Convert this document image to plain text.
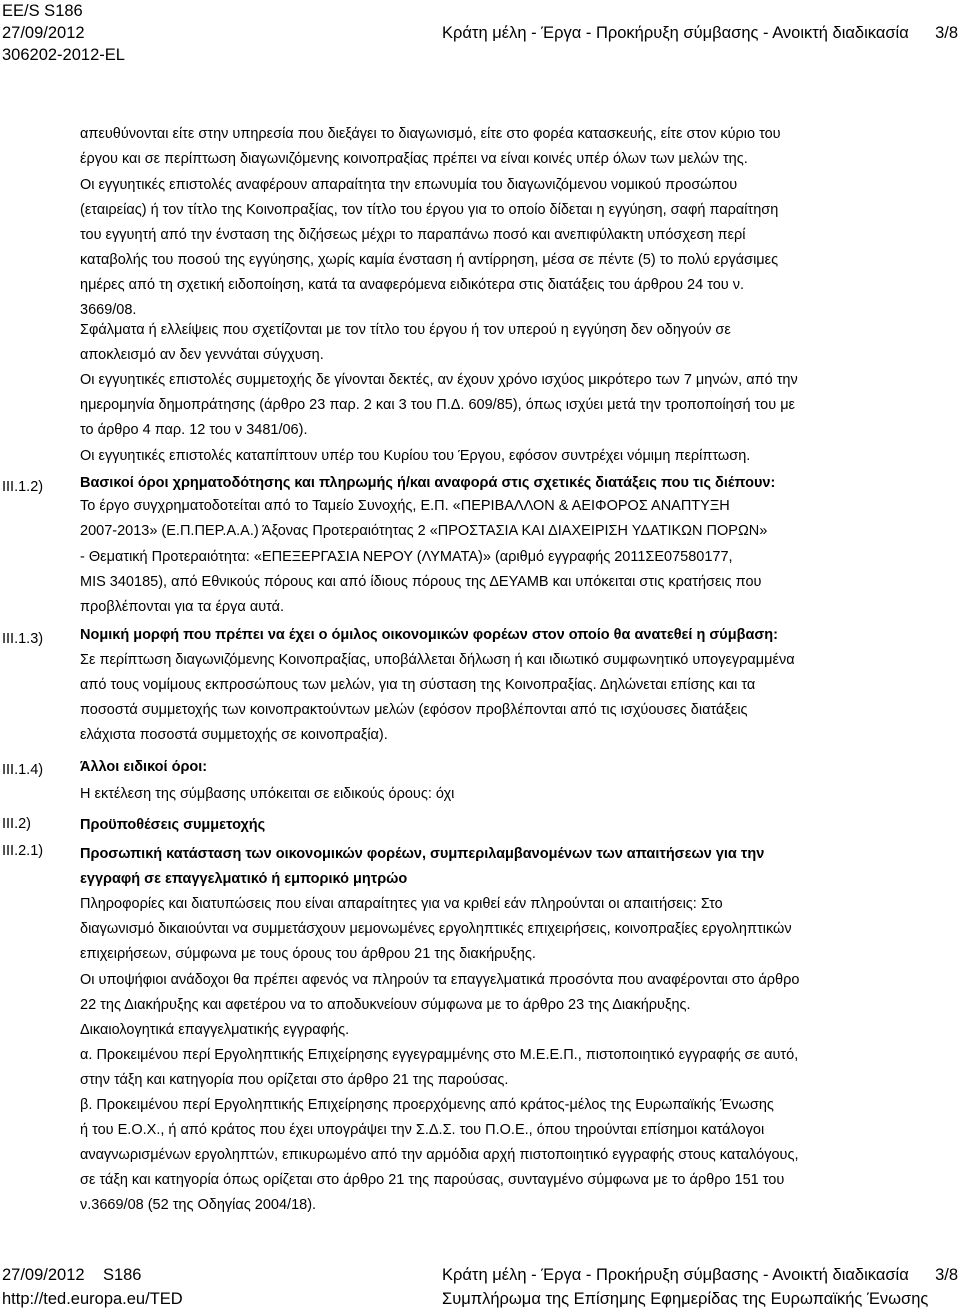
EE/S S186
27/09/2012
306202-2012-EL
Κράτη μέλη - Έργα - Προκήρυξη σύμβασης - Ανοικτή διαδικασία 3/8
III.1.2)
III.1.3)
III.1.4)
III.2)
III.2.1)
απευθύνονται είτε στην υπηρεσία που διεξάγει το διαγωνισμό, είτε στο φορέα κατασκευής, είτε στον κύριο του
έργου και σε περίπτωση διαγωνιζόμενης κοινοπραξίας πρέπει να είναι κοινές υπέρ όλων των μελών της.
Οι εγγυητικές επιστολές αναφέρουν απαραίτητα την επωνυμία του διαγωνιζόμενου νομικού προσώπου
(εταιρείας) ή τον τίτλο της Κοινοπραξίας, τον τίτλο του έργου για το οποίο δίδεται η εγγύηση, σαφή παραίτηση
του εγγυητή από την ένσταση της διζήσεως μέχρι το παραπάνω ποσό και ανεπιφύλακτη υπόσχεση περί
καταβολής του ποσού της εγγύησης, χωρίς καμία ένσταση ή αντίρρηση, μέσα σε πέντε (5) το πολύ εργάσιμες
ημέρες από τη σχετική ειδοποίηση, κατά τα αναφερόμενα ειδικότερα στις διατάξεις του άρθρου 24 του ν.
3669/08.
Σφάλματα ή ελλείψεις που σχετίζονται με τον τίτλο του έργου ή τον υπερού η εγγύηση δεν οδηγούν σε
αποκλεισμό αν δεν γεννάται σύγχυση.
Οι εγγυητικές επιστολές συμμετοχής δε γίνονται δεκτές, αν έχουν χρόνο ισχύος μικρότερο των 7 μηνών, από την
ημερομηνία δημοπράτησης (άρθρο 23 παρ. 2 και 3 του Π.Δ. 609/85), όπως ισχύει μετά την τροποποίησή του με
το άρθρο 4 παρ. 12 του ν 3481/06).
Οι εγγυητικές επιστολές καταπίπτουν υπέρ του Κυρίου του Έργου, εφόσον συντρέχει νόμιμη περίπτωση.
Βασικοί όροι χρηματοδότησης και πληρωμής ή/και αναφορά στις σχετικές διατάξεις που τις διέπουν:
Το έργο συγχρηματοδοτείται από το Ταμείο Συνοχής, Ε.Π. «ΠΕΡΙΒΑΛΛΟΝ & ΑΕΙΦΟΡΟΣ ΑΝΑΠΤΥΞΗ
2007-2013» (Ε.Π.ΠΕΡ.Α.Α.) Άξονας Προτεραιότητας 2 «ΠΡΟΣΤΑΣΙΑ ΚΑΙ ΔΙΑΧΕΙΡΙΣΗ ΥΔΑΤΙΚΩΝ ΠΟΡΩΝ»
- Θεματική Προτεραιότητα: «ΕΠΕΞΕΡΓΑΣΙΑ ΝΕΡΟΥ (ΛΥΜΑΤΑ)» (αριθμό εγγραφής 2011ΣΕ07580177,
MIS 340185), από Εθνικούς πόρους και από ίδιους πόρους της ΔΕΥΑΜΒ και υπόκειται στις κρατήσεις που
προβλέπονται για τα έργα αυτά.
Νομική μορφή που πρέπει να έχει ο όμιλος οικονομικών φορέων στον οποίο θα ανατεθεί η σύμβαση:
Σε περίπτωση διαγωνιζόμενης Κοινοπραξίας, υποβάλλεται δήλωση ή και ιδιωτικό συμφωνητικό υπογεγραμμένα
από τους νομίμους εκπροσώπους των μελών, για τη σύσταση της Κοινοπραξίας. Δηλώνεται επίσης και τα
ποσοστά συμμετοχής των κοινοπρακτούντων μελών (εφόσον προβλέπονται από τις ισχύουσες διατάξεις
ελάχιστα ποσοστά συμμετοχής σε κοινοπραξία).
Άλλοι ειδικοί όροι:
Η εκτέλεση της σύμβασης υπόκειται σε ειδικούς όρους: όχι
Προϋποθέσεις συμμετοχής
Προσωπική κατάσταση των οικονομικών φορέων, συμπεριλαμβανομένων των απαιτήσεων για την
εγγραφή σε επαγγελματικό ή εμπορικό μητρώο
Πληροφορίες και διατυπώσεις που είναι απαραίτητες για να κριθεί εάν πληρούνται οι απαιτήσεις: Στο
διαγωνισμό δικαιούνται να συμμετάσχουν μεμονωμένες εργοληπτικές επιχειρήσεις, κοινοπραξίες εργοληπτικών
επιχειρήσεων, σύμφωνα με τους όρους του άρθρου 21 της διακήρυξης.
Οι υποψήφιοι ανάδοχοι θα πρέπει αφενός να πληρούν τα επαγγελματικά προσόντα που αναφέρονται στο άρθρο
22 της Διακήρυξης και αφετέρου να το αποδυκνείουν σύμφωνα με το άρθρο 23 της Διακήρυξης.
Δικαιολογητικά επαγγελματικής εγγραφής.
α. Προκειμένου περί Εργοληπτικής Επιχείρησης εγγεγραμμένης στο Μ.Ε.Ε.Π., πιστοποιητικό εγγραφής σε αυτό,
στην τάξη και κατηγορία που ορίζεται στο άρθρο 21 της παρούσας.
β. Προκειμένου περί Εργοληπτικής Επιχείρησης προερχόμενης από κράτος-μέλος της Ευρωπαϊκής Ένωσης
ή του Ε.Ο.Χ., ή από κράτος που έχει υπογράψει την Σ.Δ.Σ. του Π.Ο.Ε., όπου τηρούνται επίσημοι κατάλογοι
αναγνωρισμένων εργοληπτών, επικυρωμένο από την αρμόδια αρχή πιστοποιητικό εγγραφής στους καταλόγους,
σε τάξη και κατηγορία όπως ορίζεται στο άρθρο 21 της παρούσας, συνταγμένο σύμφωνα με το άρθρο 151 του
ν.3669/08 (52 της Οδηγίας 2004/18).
27/09/2012 S186
http://ted.europa.eu/TED
Κράτη μέλη - Έργα - Προκήρυξη σύμβασης - Ανοικτή διαδικασία
Συμπλήρωμα της Επίσημης Εφημερίδας της Ευρωπαϊκής Ένωσης
3/8
